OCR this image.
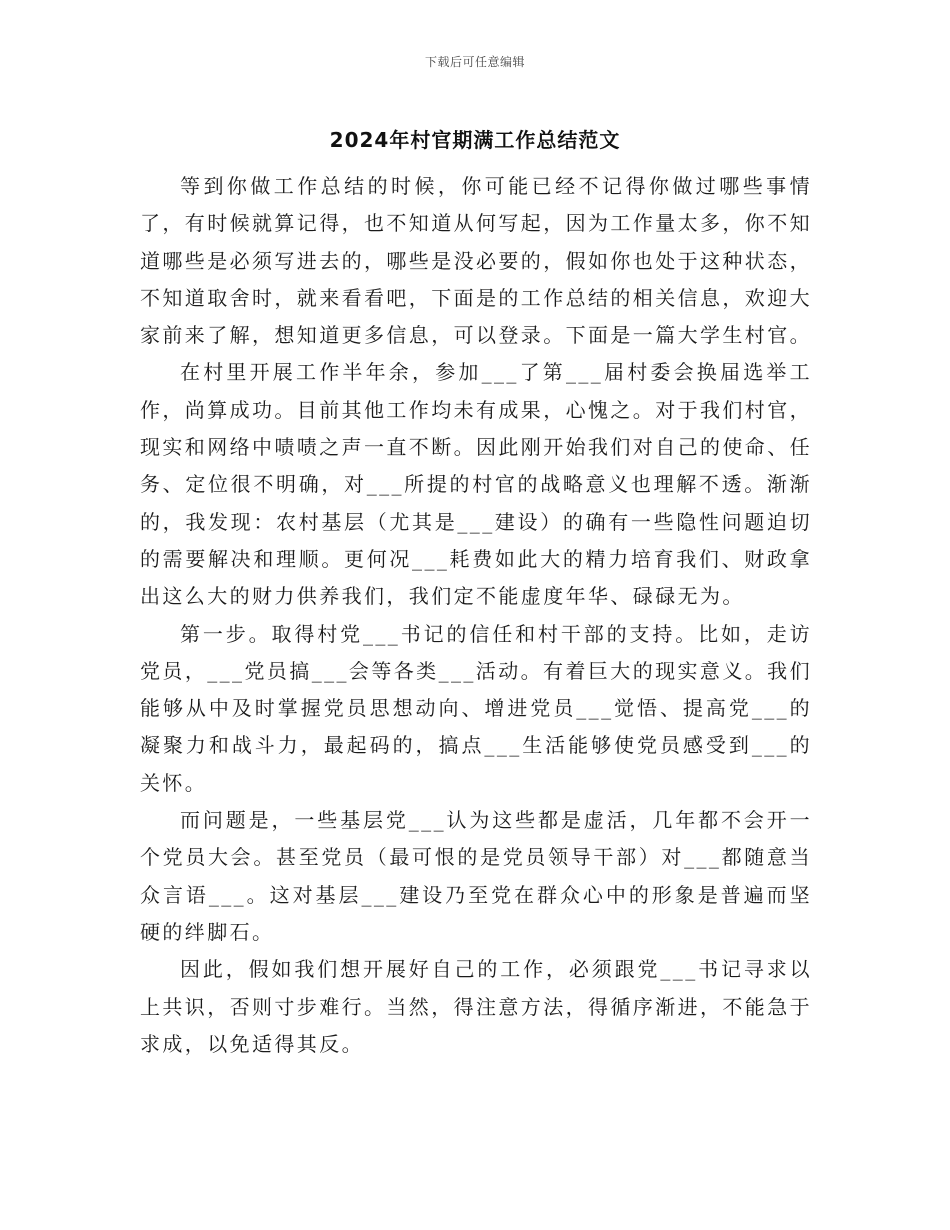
下载后可任意编辑
2024年村官期满工作总结范文

等到你做工作总结的时候，你可能已经不记得你做过哪些事情了，有时候就算记得，也不知道从何写起，因为工作量太多，你不知道哪些是必须写进去的，哪些是没必要的，假如你也处于这种状态，不知道取舍时，就来看看吧，下面是的工作总结的相关信息，欢迎大家前来了解，想知道更多信息，可以登录。下面是一篇大学生村官。

在村里开展工作半年余，参加___了第___届村委会换届选举工作，尚算成功。目前其他工作均未有成果，心愧之。对于我们村官，现实和网络中啧啧之声一直不断。因此刚开始我们对自己的使命、任务、定位很不明确，对___所提的村官的战略意义也理解不透。渐渐的，我发现：农村基层（尤其是___建设）的确有一些隐性问题迫切的需要解决和理顺。更何况___耗费如此大的精力培育我们、财政拿出这么大的财力供养我们，我们定不能虚度年华、碌碌无为。

第一步。取得村党___书记的信任和村干部的支持。比如，走访党员，___党员搞___会等各类___活动。有着巨大的现实意义。我们能够从中及时掌握党员思想动向、增进党员___觉悟、提高党___的凝聚力和战斗力，最起码的，搞点___生活能够使党员感受到___的关怀。

而问题是，一些基层党___认为这些都是虚活，几年都不会开一个党员大会。甚至党员（最可恨的是党员领导干部）对___都随意当众言语___。这对基层___建设乃至党在群众心中的形象是普遍而坚硬的绊脚石。

因此，假如我们想开展好自己的工作，必须跟党___书记寻求以上共识，否则寸步难行。当然，得注意方法，得循序渐进，不能急于求成，以免适得其反。
